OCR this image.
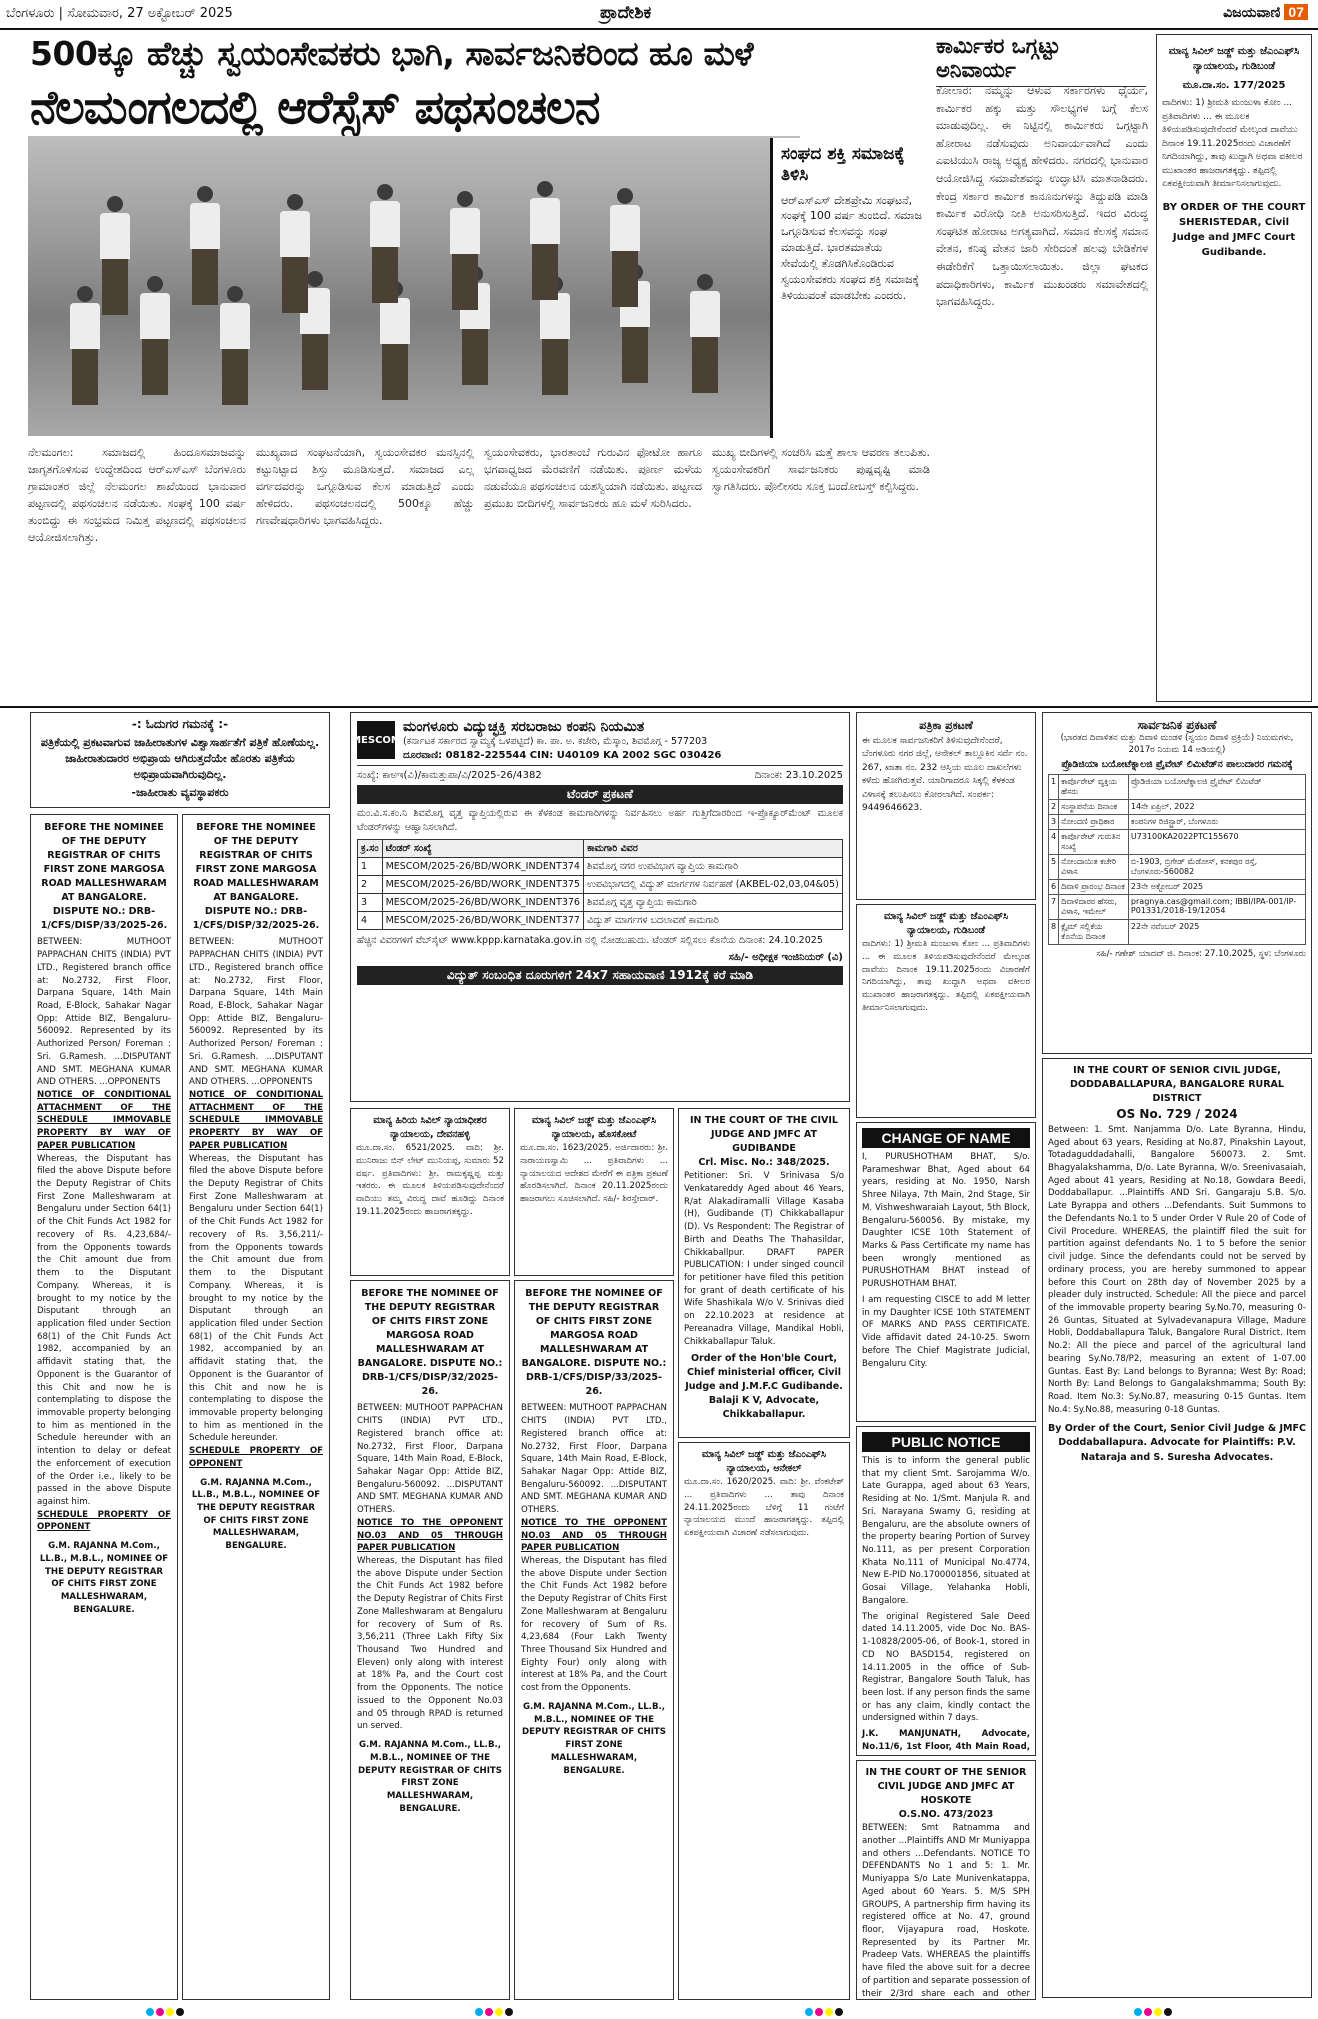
ಬೆಂಗಳೂರು | ಸೋಮವಾರ, 27 ಅಕ್ಟೋಬರ್ 2025	ಪ್ರಾದೇಶಿಕ	ವಿಜಯವಾಣಿ 07
500ಕ್ಕೂ ಹೆಚ್ಚು ಸ್ವಯಂಸೇವಕರು ಭಾಗಿ, ಸಾರ್ವಜನಿಕರಿಂದ ಹೂ ಮಳೆ
ನೆಲಮಂಗಲದಲ್ಲಿ ಆರೆಸ್ಸೆಸ್ ಪಥಸಂಚಲನ
ಸಂಘದ ಶಕ್ತಿ ಸಮಾಜಕ್ಕೆ ತಿಳಿಸಿ

ಆರ್‌ಎಸ್‌ಎಸ್ ದೇಶಪ್ರೇಮಿ ಸಂಘಟನೆ, ಸಂಘಕ್ಕೆ 100 ವರ್ಷ ತುಂಬಿದೆ. ಸಮಾಜ ಒಗ್ಗೂಡಿಸುವ ಕೆಲಸವನ್ನು ಸಂಘ ಮಾಡುತ್ತಿದೆ. ಭಾರತಮಾತೆಯ ಸೇವೆಯಲ್ಲಿ ತೊಡಗಿಸಿಕೊಂಡಿರುವ ಸ್ವಯಂಸೇವಕರು ಸಂಘದ ಶಕ್ತಿ ಸಮಾಜಕ್ಕೆ ತಿಳಿಯುವಂತೆ ಮಾಡಬೇಕು ಎಂದರು.

ನೆಲಮಂಗಲ: ಸಮಾಜದಲ್ಲಿ ಹಿಂದೂಸಮಾಜವನ್ನು ಜಾಗೃತಗೊಳಿಸುವ ಉದ್ದೇಶದಿಂದ ಆರ್‌ಎಸ್‌ಎಸ್ ಬೆಂಗಳೂರು ಗ್ರಾಮಾಂತರ ಜಿಲ್ಲೆ ನೆಲಮಂಗಲ ಶಾಖೆಯಿಂದ ಭಾನುವಾರ ಪಟ್ಟಣದಲ್ಲಿ ಪಥಸಂಚಲನ ನಡೆಯಿತು. ಸಂಘಕ್ಕೆ 100 ವರ್ಷ ತುಂಬಿದ್ದು ಈ ಸಂಭ್ರಮದ ನಿಮಿತ್ತ ಪಟ್ಟಣದಲ್ಲಿ ಪಥಸಂಚಲನ ಆಯೋಜಿಸಲಾಗಿತ್ತು.
ಮುಖ್ಯವಾದ ಸಂಘಟನೆಯಾಗಿ, ಸ್ವಯಂಸೇವಕರ ಮನಸ್ಸಿನಲ್ಲಿ ಕಟ್ಟುನಿಟ್ಟಾದ ಶಿಸ್ತು ಮೂಡಿಸುತ್ತದೆ. ಸಮಾಜದ ಎಲ್ಲ ವರ್ಗದವರನ್ನು ಒಗ್ಗೂಡಿಸುವ ಕೆಲಸ ಮಾಡುತ್ತಿದೆ ಎಂದು ಹೇಳಿದರು. ಪಥಸಂಚಲನದಲ್ಲಿ 500ಕ್ಕೂ ಹೆಚ್ಚು ಗಣವೇಷಧಾರಿಗಳು ಭಾಗವಹಿಸಿದ್ದರು.
ಸ್ವಯಂಸೇವಕರು, ಭಾರತಾಂಬೆ ಗುರುವಿನ ಫೋಟೋ ಹಾಗೂ ಭಗವಾಧ್ವಜದ ಮೆರವಣಿಗೆ ನಡೆಯಿತು. ಪೂರ್ಣ ಮಳೆಯ ನಡುವೆಯೂ ಪಥಸಂಚಲನ ಯಶಸ್ವಿಯಾಗಿ ನಡೆಯಿತು. ಪಟ್ಟಣದ ಪ್ರಮುಖ ಬೀದಿಗಳಲ್ಲಿ ಸಾರ್ವಜನಿಕರು ಹೂ ಮಳೆ ಸುರಿಸಿದರು.
ಮುಖ್ಯ ಬೀದಿಗಳಲ್ಲಿ ಸಂಚರಿಸಿ ಮತ್ತೆ ಶಾಲಾ ಆವರಣ ತಲುಪಿತು. ಸ್ವಯಂಸೇವಕರಿಗೆ ಸಾರ್ವಜನಿಕರು ಪುಷ್ಪವೃಷ್ಟಿ ಮಾಡಿ ಸ್ವಾಗತಿಸಿದರು. ಪೊಲೀಸರು ಸೂಕ್ತ ಬಂದೋಬಸ್ತ್ ಕಲ್ಪಿಸಿದ್ದರು.
ಕಾರ್ಮಿಕರ ಒಗ್ಗಟ್ಟು ಅನಿವಾರ್ಯ
ಕೋಲಾರ: ನಮ್ಮನ್ನು ಆಳುವ ಸರ್ಕಾರಗಳು ಧೈರ್ಯ, ಕಾರ್ಮಿಕರ ಹಕ್ಕು ಮತ್ತು ಸೌಲಭ್ಯಗಳ ಬಗ್ಗೆ ಕೆಲಸ ಮಾಡುವುದಿಲ್ಲ. ಈ ನಿಟ್ಟಿನಲ್ಲಿ ಕಾರ್ಮಿಕರು ಒಗ್ಗಟ್ಟಾಗಿ ಹೋರಾಟ ನಡೆಸುವುದು ಅನಿವಾರ್ಯವಾಗಿದೆ ಎಂದು ಎಐಟಿಯುಸಿ ರಾಜ್ಯ ಅಧ್ಯಕ್ಷ ಹೇಳಿದರು. ನಗರದಲ್ಲಿ ಭಾನುವಾರ ಆಯೋಜಿಸಿದ್ದ ಸಮಾವೇಶವನ್ನು ಉದ್ಘಾಟಿಸಿ ಮಾತನಾಡಿದರು. ಕೇಂದ್ರ ಸರ್ಕಾರ ಕಾರ್ಮಿಕ ಕಾನೂನುಗಳನ್ನು ತಿದ್ದುಪಡಿ ಮಾಡಿ ಕಾರ್ಮಿಕ ವಿರೋಧಿ ನೀತಿ ಅನುಸರಿಸುತ್ತಿದೆ. ಇದರ ವಿರುದ್ಧ ಸಂಘಟಿತ ಹೋರಾಟ ಅಗತ್ಯವಾಗಿದೆ. ಸಮಾನ ಕೆಲಸಕ್ಕೆ ಸಮಾನ ವೇತನ, ಕನಿಷ್ಠ ವೇತನ ಜಾರಿ ಸೇರಿದಂತೆ ಹಲವು ಬೇಡಿಕೆಗಳ ಈಡೇರಿಕೆಗೆ ಒತ್ತಾಯಿಸಲಾಯಿತು. ಜಿಲ್ಲಾ ಘಟಕದ ಪದಾಧಿಕಾರಿಗಳು, ಕಾರ್ಮಿಕ ಮುಖಂಡರು ಸಮಾವೇಶದಲ್ಲಿ ಭಾಗವಹಿಸಿದ್ದರು.
ಮಾನ್ಯ ಸಿವಿಲ್ ಜಡ್ಜ್ ಮತ್ತು ಜೆಎಂಎಫ್‌ಸಿ ನ್ಯಾಯಾಲಯ, ಗುಡಿಬಂಡೆ
ಮೂ.ದಾ.ಸಂ. 177/2025
ವಾದಿಗಳು: 1) ಶ್ರೀಮತಿ ಮಂಜುಳಾ ಕೋಂ ... ಪ್ರತಿವಾದಿಗಳು ... ಈ ಮೂಲಕ ತಿಳಿಯಪಡಿಸುವುದೇನೆಂದರೆ ಮೇಲ್ಕಂಡ ದಾವೆಯು ದಿನಾಂಕ 19.11.2025ರಂದು ವಿಚಾರಣೆಗೆ ನಿಗದಿಯಾಗಿದ್ದು, ತಾವು ಖುದ್ದಾಗಿ ಅಥವಾ ವಕೀಲರ ಮುಖಾಂತರ ಹಾಜರಾಗತಕ್ಕದ್ದು. ತಪ್ಪಿದಲ್ಲಿ ಏಕಪಕ್ಷೀಯವಾಗಿ ತೀರ್ಮಾನಿಸಲಾಗುವುದು.
BY ORDER OF THE COURT SHERISTEDAR, Civil Judge and JMFC Court Gudibande.
-: ಓದುಗರ ಗಮನಕ್ಕೆ :-
ಪತ್ರಿಕೆಯಲ್ಲಿ ಪ್ರಕಟವಾಗುವ ಜಾಹೀರಾತುಗಳ ವಿಶ್ವಾಸಾರ್ಹತೆಗೆ ಪತ್ರಿಕೆ ಹೊಣೆಯಲ್ಲ. ಜಾಹೀರಾತುದಾರರ ಅಭಿಪ್ರಾಯ ಆಗಿರುತ್ತದೆಯೇ ಹೊರತು ಪತ್ರಿಕೆಯ ಅಭಿಪ್ರಾಯವಾಗಿರುವುದಿಲ್ಲ.
-ಜಾಹೀರಾತು ವ್ಯವಸ್ಥಾಪಕರು
BEFORE THE NOMINEE OF THE DEPUTY REGISTRAR OF CHITS FIRST ZONE MARGOSA ROAD MALLESHWARAM AT BANGALORE. DISPUTE NO.: DRB-1/CFS/DISP/33/2025-26.
BETWEEN: MUTHOOT PAPPACHAN CHITS (INDIA) PVT LTD., Registered branch office at: No.2732, First Floor, Darpana Square, 14th Main Road, E-Block, Sahakar Nagar Opp: Attide BIZ, Bengaluru-560092. Represented by its Authorized Person/ Foreman : Sri. G.Ramesh. ...DISPUTANT AND SMT. MEGHANA KUMAR AND OTHERS. ...OPPONENTS
NOTICE OF CONDITIONAL ATTACHMENT OF THE SCHEDULE IMMOVABLE PROPERTY BY WAY OF PAPER PUBLICATION
Whereas, the Disputant has filed the above Dispute before the Deputy Registrar of Chits First Zone Malleshwaram at Bengaluru under Section 64(1) of the Chit Funds Act 1982 for recovery of Rs. 4,23,684/- from the Opponents towards the Chit amount due from them to the Disputant Company. Whereas, it is brought to my notice by the Disputant through an application filed under Section 68(1) of the Chit Funds Act 1982, accompanied by an affidavit stating that, the Opponent is the Guarantor of this Chit and now he is contemplating to dispose the immovable property belonging to him as mentioned in the Schedule hereunder with an intention to delay or defeat the enforcement of execution of the Order i.e., likely to be passed in the above Dispute against him.
SCHEDULE PROPERTY OF OPPONENT
G.M. RAJANNA M.Com., LL.B., M.B.L., NOMINEE OF THE DEPUTY REGISTRAR OF CHITS FIRST ZONE MALLESHWARAM, BENGALURE.
BEFORE THE NOMINEE OF THE DEPUTY REGISTRAR OF CHITS FIRST ZONE MARGOSA ROAD MALLESHWARAM AT BANGALORE. DISPUTE NO.: DRB-1/CFS/DISP/32/2025-26.
BETWEEN: MUTHOOT PAPPACHAN CHITS (INDIA) PVT LTD., Registered branch office at: No.2732, First Floor, Darpana Square, 14th Main Road, E-Block, Sahakar Nagar Opp: Attide BIZ, Bengaluru-560092. Represented by its Authorized Person/ Foreman : Sri. G.Ramesh. ...DISPUTANT AND SMT. MEGHANA KUMAR AND OTHERS. ...OPPONENTS
NOTICE OF CONDITIONAL ATTACHMENT OF THE SCHEDULE IMMOVABLE PROPERTY BY WAY OF PAPER PUBLICATION
Whereas, the Disputant has filed the above Dispute before the Deputy Registrar of Chits First Zone Malleshwaram at Bengaluru under Section 64(1) of the Chit Funds Act 1982 for recovery of Rs. 3,56,211/- from the Opponents towards the Chit amount due from them to the Disputant Company. Whereas, it is brought to my notice by the Disputant through an application filed under Section 68(1) of the Chit Funds Act 1982, accompanied by an affidavit stating that, the Opponent is the Guarantor of this Chit and now he is contemplating to dispose the immovable property belonging to him as mentioned in the Schedule hereunder.
SCHEDULE PROPERTY OF OPPONENT
G.M. RAJANNA M.Com., LL.B., M.B.L., NOMINEE OF THE DEPUTY REGISTRAR OF CHITS FIRST ZONE MALLESHWARAM, BENGALURE.
BEFORE THE NOMINEE OF THE DEPUTY REGISTRAR OF CHITS FIRST ZONE MARGOSA ROAD MALLESHWARAM AT BANGALORE. DISPUTE NO.: DRB-1/CFS/DISP/32/2025-26.
BETWEEN: MUTHOOT PAPPACHAN CHITS (INDIA) PVT LTD., Registered branch office at: No.2732, First Floor, Darpana Square, 14th Main Road, E-Block, Sahakar Nagar Opp: Attide BIZ, Bengaluru-560092. ...DISPUTANT AND SMT. MEGHANA KUMAR AND OTHERS.
NOTICE TO THE OPPONENT NO.03 AND 05 THROUGH PAPER PUBLICATION
Whereas, the Disputant has filed the above Dispute under Section the Chit Funds Act 1982 before the Deputy Registrar of Chits First Zone Malleshwaram at Bengaluru for recovery of Sum of Rs. 3,56,211 (Three Lakh Fifty Six Thousand Two Hundred and Eleven) only along with interest at 18% Pa, and the Court cost from the Opponents. The notice issued to the Opponent No.03 and 05 through RPAD is returned un served.
G.M. RAJANNA M.Com., LL.B., M.B.L., NOMINEE OF THE DEPUTY REGISTRAR OF CHITS FIRST ZONE MALLESHWARAM, BENGALURE.
BEFORE THE NOMINEE OF THE DEPUTY REGISTRAR OF CHITS FIRST ZONE MARGOSA ROAD MALLESHWARAM AT BANGALORE. DISPUTE NO.: DRB-1/CFS/DISP/33/2025-26.
BETWEEN: MUTHOOT PAPPACHAN CHITS (INDIA) PVT LTD., Registered branch office at: No.2732, First Floor, Darpana Square, 14th Main Road, E-Block, Sahakar Nagar Opp: Attide BIZ, Bengaluru-560092. ...DISPUTANT AND SMT. MEGHANA KUMAR AND OTHERS.
NOTICE TO THE OPPONENT NO.03 AND 05 THROUGH PAPER PUBLICATION
Whereas, the Disputant has filed the above Dispute under Section the Chit Funds Act 1982 before the Deputy Registrar of Chits First Zone Malleshwaram at Bengaluru for recovery of Sum of Rs. 4,23,684 (Four Lakh Twenty Three Thousand Six Hundred and Eighty Four) only along with interest at 18% Pa, and the Court cost from the Opponents.
G.M. RAJANNA M.Com., LL.B., M.B.L., NOMINEE OF THE DEPUTY REGISTRAR OF CHITS FIRST ZONE MALLESHWARAM, BENGALURE.
MESCOM
ಮಂಗಳೂರು ವಿದ್ಯುಚ್ಛಕ್ತಿ ಸರಬರಾಜು ಕಂಪನಿ ನಿಯಮಿತ
(ಕರ್ನಾಟಕ ಸರ್ಕಾರದ ಸ್ವಾಮ್ಯಕ್ಕೆ ಒಳಪಟ್ಟಿದೆ) ಕಾ. ಪಾ. ಅ. ಕಚೇರಿ, ಮೆಸ್ಕಾಂ, ಶಿವಮೊಗ್ಗ - 577203
ದೂರವಾಣಿ: 08182-225544 CIN: U40109 KA 2002 SGC 030426
ಸಂಖ್ಯೆ: ಕಾಅಇ(ವಿ)/ಕಾಮತ್ತುಪಾ/ವಿ/2025-26/4382	ದಿನಾಂಕ: 23.10.2025
ಟೆಂಡರ್ ಪ್ರಕಟಣೆ
ಮಂ.ವಿ.ಸ.ಕಂ.ನಿ ಶಿವಮೊಗ್ಗ ವೃತ್ತ ವ್ಯಾಪ್ತಿಯಲ್ಲಿರುವ ಈ ಕೆಳಕಂಡ ಕಾಮಗಾರಿಗಳನ್ನು ನಿರ್ವಹಿಸಲು ಅರ್ಹ ಗುತ್ತಿಗೆದಾರರಿಂದ ಇ-ಪ್ರೊಕ್ಯೂರ್‌ಮೆಂಟ್ ಮೂಲಕ ಟೆಂಡರ್‌ಗಳನ್ನು ಆಹ್ವಾನಿಸಲಾಗಿದೆ.
ಕ್ರ.ಸಂ	ಟೆಂಡರ್ ಸಂಖ್ಯೆ	ಕಾಮಗಾರಿ ವಿವರ
1	MESCOM/2025-26/BD/WORK_INDENT374	ಶಿವಮೊಗ್ಗ ನಗರ ಉಪವಿಭಾಗ ವ್ಯಾಪ್ತಿಯ ಕಾಮಗಾರಿ
2	MESCOM/2025-26/BD/WORK_INDENT375	ಉಪವಿಭಾಗದಲ್ಲಿ ವಿದ್ಯುತ್ ಮಾರ್ಗಗಳ ನಿರ್ವಹಣೆ (AKBEL-02,03,04&05)
3	MESCOM/2025-26/BD/WORK_INDENT376	ಶಿವಮೊಗ್ಗ ವೃತ್ತ ವ್ಯಾಪ್ತಿಯ ಕಾಮಗಾರಿ
4	MESCOM/2025-26/BD/WORK_INDENT377	ವಿದ್ಯುತ್ ಮಾರ್ಗಗಳ ಬದಲಾವಣೆ ಕಾಮಗಾರಿ
ಹೆಚ್ಚಿನ ವಿವರಗಳಿಗೆ ವೆಬ್‌ಸೈಟ್ www.kppp.karnataka.gov.in ನಲ್ಲಿ ನೋಡಬಹುದು. ಟೆಂಡರ್ ಸಲ್ಲಿಸಲು ಕೊನೆಯ ದಿನಾಂಕ: 24.10.2025
ಸಹಿ/- ಅಧೀಕ್ಷಕ ಇಂಜಿನಿಯರ್ (ವಿ)
ವಿದ್ಯುತ್ ಸಂಬಂಧಿತ ದೂರುಗಳಿಗೆ 24x7 ಸಹಾಯವಾಣಿ 1912ಕ್ಕೆ ಕರೆ ಮಾಡಿ
ಮಾನ್ಯ ಹಿರಿಯ ಸಿವಿಲ್ ನ್ಯಾಯಾಧೀಶರ ನ್ಯಾಯಾಲಯ, ದೇವನಹಳ್ಳಿ
ಮೂ.ದಾ.ಸಂ. 6521/2025. ವಾದಿ: ಶ್ರೀ. ಮುನಿರಾಜು ಬಿನ್ ಲೇಟ್ ಮುನಿಯಪ್ಪ, ಸುಮಾರು 52 ವರ್ಷ. ಪ್ರತಿವಾದಿಗಳು: ಶ್ರೀ. ರಾಮಕೃಷ್ಣಪ್ಪ ಮತ್ತು ಇತರರು. ಈ ಮೂಲಕ ತಿಳಿಯಪಡಿಸುವುದೇನೆಂದರೆ ವಾದಿಯು ತಮ್ಮ ವಿರುದ್ಧ ದಾವೆ ಹೂಡಿದ್ದು ದಿನಾಂಕ 19.11.2025ರಂದು ಹಾಜರಾಗತಕ್ಕದ್ದು.
ಮಾನ್ಯ ಸಿವಿಲ್ ಜಡ್ಜ್ ಮತ್ತು ಜೆಎಂಎಫ್‌ಸಿ ನ್ಯಾಯಾಲಯ, ಹೊಸಕೋಟೆ
ಮೂ.ದಾ.ಸಂ. 1623/2025. ಅರ್ಜಿದಾರರು: ಶ್ರೀ. ನಾರಾಯಣಸ್ವಾಮಿ ... ಪ್ರತಿವಾದಿಗಳು ... ನ್ಯಾಯಾಲಯದ ಆದೇಶದ ಮೇರೆಗೆ ಈ ಪತ್ರಿಕಾ ಪ್ರಕಟಣೆ ಹೊರಡಿಸಲಾಗಿದೆ. ದಿನಾಂಕ 20.11.2025ರಂದು ಹಾಜರಾಗಲು ಸೂಚಿಸಲಾಗಿದೆ. ಸಹಿ/- ಶಿರಸ್ತೇದಾರ್.
IN THE COURT OF THE CIVIL JUDGE AND JMFC AT GUDIBANDE
Crl. Misc. No.: 348/2025.
Petitioner: Sri. V Srinivasa S/o Venkatareddy Aged about 46 Years, R/at Alakadiramalli Village Kasaba (H), Gudibande (T) Chikkaballapur (D). Vs Respondent: The Registrar of Birth and Deaths The Thahasildar, Chikkaballpur. DRAFT PAPER PUBLICATION: I under singed council for petitioner have filed this petition for grant of death certificate of his Wife Shashikala W/o V. Srinivas died on 22.10.2023 at residence at Pereanadra Village, Mandikal Hobli, Chikkaballapur Taluk.
Order of the Hon'ble Court, Chief ministerial officer, Civil Judge and J.M.F.C Gudibande. Balaji K V, Advocate, Chikkaballapur.
ಮಾನ್ಯ ಸಿವಿಲ್ ಜಡ್ಜ್ ಮತ್ತು ಜೆಎಂಎಫ್‌ಸಿ ನ್ಯಾಯಾಲಯ, ಆನೇಕಲ್
ಮೂ.ದಾ.ಸಂ. 1620/2025. ವಾದಿ: ಶ್ರೀ. ವೆಂಕಟೇಶ್ ... ಪ್ರತಿವಾದಿಗಳು ... ತಾವು ದಿನಾಂಕ 24.11.2025ರಂದು ಬೆಳಿಗ್ಗೆ 11 ಗಂಟೆಗೆ ನ್ಯಾಯಾಲಯದ ಮುಂದೆ ಹಾಜರಾಗತಕ್ಕದ್ದು. ತಪ್ಪಿದಲ್ಲಿ ಏಕಪಕ್ಷೀಯವಾಗಿ ವಿಚಾರಣೆ ನಡೆಸಲಾಗುವುದು.
ಪತ್ರಿಕಾ ಪ್ರಕಟಣೆ
ಈ ಮೂಲಕ ಸಾರ್ವಜನಿಕರಿಗೆ ತಿಳಿಸುವುದೇನೆಂದರೆ, ಬೆಂಗಳೂರು ನಗರ ಜಿಲ್ಲೆ, ಆನೇಕಲ್ ತಾಲ್ಲೂಕಿನ ಸರ್ವೆ ನಂ. 267, ಖಾತಾ ನಂ. 232 ಆಸ್ತಿಯ ಮೂಲ ದಾಖಲೆಗಳು ಕಳೆದು ಹೋಗಿರುತ್ತವೆ. ಯಾರಿಗಾದರೂ ಸಿಕ್ಕಲ್ಲಿ ಕೆಳಕಂಡ ವಿಳಾಸಕ್ಕೆ ತಲುಪಿಸಲು ಕೋರಲಾಗಿದೆ. ಸಂಪರ್ಕ: 9449646623.
ಮಾನ್ಯ ಸಿವಿಲ್ ಜಡ್ಜ್ ಮತ್ತು ಜೆಎಂಎಫ್‌ಸಿ ನ್ಯಾಯಾಲಯ, ಗುಡಿಬಂಡೆ
ವಾದಿಗಳು: 1) ಶ್ರೀಮತಿ ಮಂಜುಳಾ ಕೋಂ ... ಪ್ರತಿವಾದಿಗಳು ... ಈ ಮೂಲಕ ತಿಳಿಯಪಡಿಸುವುದೇನೆಂದರೆ ಮೇಲ್ಕಂಡ ದಾವೆಯು ದಿನಾಂಕ 19.11.2025ರಂದು ವಿಚಾರಣೆಗೆ ನಿಗದಿಯಾಗಿದ್ದು, ತಾವು ಖುದ್ದಾಗಿ ಅಥವಾ ವಕೀಲರ ಮುಖಾಂತರ ಹಾಜರಾಗತಕ್ಕದ್ದು. ತಪ್ಪಿದಲ್ಲಿ ಏಕಪಕ್ಷೀಯವಾಗಿ ತೀರ್ಮಾನಿಸಲಾಗುವುದು.
ಸಾರ್ವಜನಿಕ ಪ್ರಕಟಣೆ
(ಭಾರತದ ದಿವಾಳಿತನ ಮತ್ತು ದಿವಾಳಿ ಮಂಡಳಿ (ಸ್ವಯಂ ದಿವಾಳಿ ಪ್ರಕ್ರಿಯೆ) ನಿಯಮಗಳು, 2017ರ ನಿಯಮ 14 ಅಡಿಯಲ್ಲಿ)
ಪ್ರೊಡಿಜಿಯಾ ಬಯೋಟೆಕ್ನಾಲಜಿ ಪ್ರೈವೇಟ್ ಲಿಮಿಟೆಡ್‌ನ ಪಾಲುದಾರರ ಗಮನಕ್ಕೆ
1	ಕಾರ್ಪೊರೇಟ್ ವ್ಯಕ್ತಿಯ ಹೆಸರು	ಪ್ರೊಡಿಜಿಯಾ ಬಯೋಟೆಕ್ನಾಲಜಿ ಪ್ರೈವೇಟ್ ಲಿಮಿಟೆಡ್
2	ಸಂಸ್ಥಾಪನೆಯ ದಿನಾಂಕ	14ನೇ ಏಪ್ರಿಲ್, 2022
3	ನೋಂದಣಿ ಪ್ರಾಧಿಕಾರ	ಕಂಪನಿಗಳ ರಿಜಿಸ್ಟ್ರಾರ್, ಬೆಂಗಳೂರು
4	ಕಾರ್ಪೊರೇಟ್ ಗುರುತಿನ ಸಂಖ್ಯೆ	U73100KA2022PTC155670
5	ನೋಂದಾಯಿತ ಕಚೇರಿ ವಿಳಾಸ	ಬಿ-1903, ಬ್ರಿಗೇಡ್ ಮೆಡೋಸ್, ಕನಕಪುರ ರಸ್ತೆ, ಬೆಂಗಳೂರು-560082
6	ದಿವಾಳಿ ಪ್ರಾರಂಭ ದಿನಾಂಕ	23ನೇ ಅಕ್ಟೋಬರ್ 2025
7	ದಿವಾಳಿದಾರರ ಹೆಸರು, ವಿಳಾಸ, ಇಮೇಲ್	pragnya.cas@gmail.com; IBBI/IPA-001/IP-P01331/2018-19/12054
8	ಕ್ಲೈಮ್ ಸಲ್ಲಿಕೆಯ ಕೊನೆಯ ದಿನಾಂಕ	22ನೇ ನವೆಂಬರ್ 2025
ಸಹಿ/- ಗಣೇಶ್ ಯಾದವ್ ಜಿ. ದಿನಾಂಕ: 27.10.2025, ಸ್ಥಳ: ಬೆಂಗಳೂರು
IN THE COURT OF SENIOR CIVIL JUDGE, DODDABALLAPURA, BANGALORE RURAL DISTRICT
OS No. 729 / 2024
Between: 1. Smt. Nanjamma D/o. Late Byranna, Hindu, Aged about 63 years, Residing at No.87, Pinakshin Layout, Totadaguddadahalli, Bangalore 560073. 2. Smt. Bhagyalakshamma, D/o. Late Byranna, W/o. Sreenivasaiah, Aged about 41 years, Residing at No.18, Gowdara Beedi, Doddaballapur. ...Plaintiffs AND Sri. Gangaraju S.B. S/o. Late Byrappa and others ...Defendants. Suit Summons to the Defendants No.1 to 5 under Order V Rule 20 of Code of Civil Procedure. WHEREAS, the plaintiff filed the suit for partition against defendants No. 1 to 5 before the senior civil judge. Since the defendants could not be served by ordinary process, you are hereby summoned to appear before this Court on 28th day of November 2025 by a pleader duly instructed. Schedule: All the piece and parcel of the immovable property bearing Sy.No.70, measuring 0-26 Guntas, Situated at Sylvadevanapura Village, Madure Hobli, Doddaballapura Taluk, Bangalore Rural District. Item No.2: All the piece and parcel of the agricultural land bearing Sy.No.78/P2, measuring an extent of 1-07.00 Guntas. East By: Land belongs to Byranna; West By: Road; North By: Land Belongs to Gangalakshmamma; South By: Road. Item No.3: Sy.No.87, measuring 0-15 Guntas. Item No.4: Sy.No.88, measuring 0-18 Guntas.
By Order of the Court, Senior Civil Judge & JMFC Doddaballapura. Advocate for Plaintiffs: P.V. Nataraja and S. Suresha Advocates.
CHANGE OF NAME

I, PURUSHOTHAM BHAT, S/o. Parameshwar Bhat, Aged about 64 years, residing at No. 1950, Narsh Shree Nilaya, 7th Main, 2nd Stage, Sir M. Vishweshwaraiah Layout, 5th Block, Bengaluru-560056. By mistake, my Daughter ICSE 10th Statement of Marks & Pass Certificate my name has been wrongly mentioned as PURUSHOTHAM BHAT instead of PURUSHOTHAM BHAT.

I am requesting CISCE to add M letter in my Daughter ICSE 10th STATEMENT OF MARKS AND PASS CERTIFICATE. Vide affidavit dated 24-10-25. Sworn before The Chief Magistrate Judicial, Bengaluru City.

PUBLIC NOTICE

This is to inform the general public that my client Smt. Sarojamma W/o. Late Gurappa, aged about 63 Years, Residing at No. 1/Smt. Manjula R. and Sri. Narayana Swamy G, residing at Bengaluru, are the absolute owners of the property bearing Portion of Survey No.111, as per present Corporation Khata No.111 of Municipal No.4774, New E-PID No.1700001856, situated at Gosai Village, Yelahanka Hobli, Bangalore.

The original Registered Sale Deed dated 14.11.2005, vide Doc No. BAS-1-10828/2005-06, of Book-1, stored in CD NO BASD154, registered on 14.11.2005 in the office of Sub-Registrar, Bangalore South Taluk, has been lost. If any person finds the same or has any claim, kindly contact the undersigned within 7 days.

J.K. MANJUNATH, Advocate, No.11/6, 1st Floor, 4th Main Road,

IN THE COURT OF THE SENIOR CIVIL JUDGE AND JMFC AT HOSKOTE
O.S.NO. 473/2023
BETWEEN: Smt Ratnamma and another ...Plaintiffs AND Mr Muniyappa and others ...Defendants. NOTICE TO DEFENDANTS No 1 and 5: 1. Mr. Muniyappa S/o Late Munivenkatappa, Aged about 60 Years. 5. M/S SPH GROUPS, A partnership firm having its registered office at No. 47, ground floor, Vijayapura road, Hoskote. Represented by its Partner Mr. Pradeep Vats. WHEREAS the plaintiffs have filed the above suit for a decree of partition and separate possession of their 2/3rd share each and other
